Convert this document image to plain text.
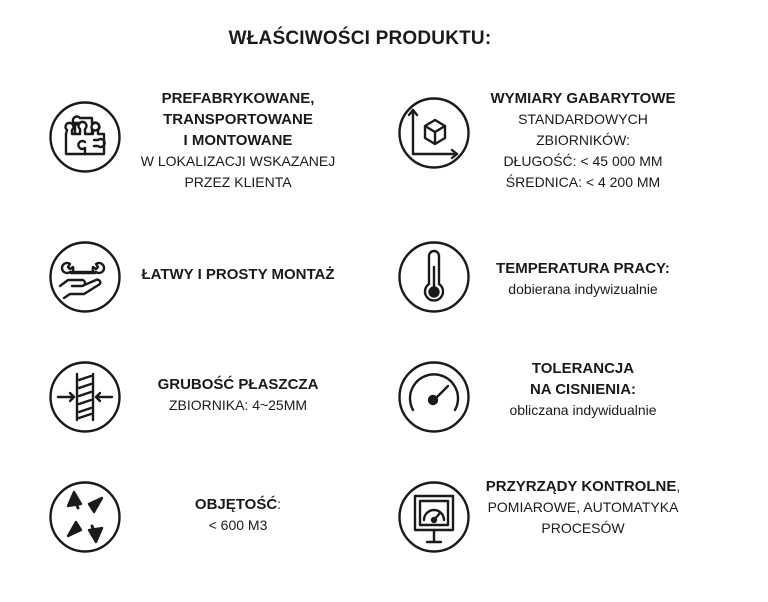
WŁAŚCIWOŚCI PRODUKTU:
PREFABRYKOWANE,
TRANSPORTOWANE
I MONTOWANE
W LOKALIZACJI WSKAZANEJ
PRZEZ KLIENTA
WYMIARY GABARYTOWE
STANDARDOWYCH
ZBIORNIKÓW:
DŁUGOŚĆ: < 45 000 MM
ŚREDNICA: < 4 200 MM
ŁATWY I PROSTY MONTAŻ	TEMPERATURA PRACY:
dobierana indywizualnie
GRUBOŚĆ PŁASZCZA
ZBIORNIKA: 4~25MM
TOLERANCJA
NA CISNIENIA:
obliczana indywidualnie
OBJĘTOŚĆ:
< 600 M3
PRZYRZĄDY KONTROLNE,
POMIAROWE, AUTOMATYKA
PROCESÓW
